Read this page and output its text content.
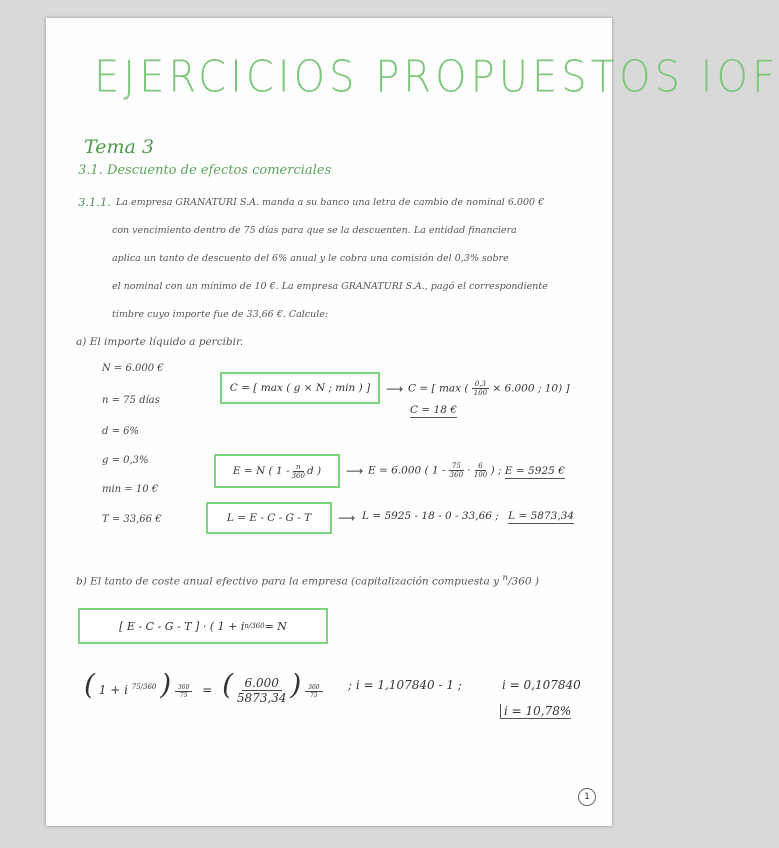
EJERCICIOS PROPUESTOS IOF
Tema 3
3.1. Descuento de efectos comerciales
3.1.1. La empresa GRANATURI S.A. manda a su banco una letra de cambio de nominal 6.000 €
con vencimiento dentro de 75 días para que se la descuenten. La entidad financiera
aplica un tanto de descuento del 6% anual y le cobra una comisión del 0,3% sobre
el nominal con un mínimo de 10 €. La empresa GRANATURI S.A., pagó el correspondiente
timbre cuyo importe fue de 33,66 €. Calcule:
a) El importe líquido a percibir.
N = 6.000 €
n = 75 días
d = 6%
g = 0,3%
min = 10 €
T = 33,66 €
C = [ max ( g × N ; min ) ] ⟶ C = [ max ( $\frac{0,3}{100} \times 6.000$ ; 10) ]
C = 18 €
E = N ( $1 - \frac{n}{360}$ d ) ⟶ E = 6.000 ( $1 - \frac{75}{360} \cdot \frac{6}{100}$ ) ; E = 5925 €
L = E - C - G - T ⟶ L = 5925 - 18 - 0 - 33,66 ; L = 5873,34
b) El tanto de coste anual efectivo para la empresa (capitalización compuesta y $^n$/360 )
[ E - C - G - T ] · ( 1 + i n/360 = N
( 1 + i $^{75/360}$ ) $^{\frac{360}{75}}$ = ( $\frac{6.000}{5873,34}$ ) $^{\frac{360}{75}}$ ; i = 1,107840 - 1 ;	i = 0,107840
i = 10,78%
1
